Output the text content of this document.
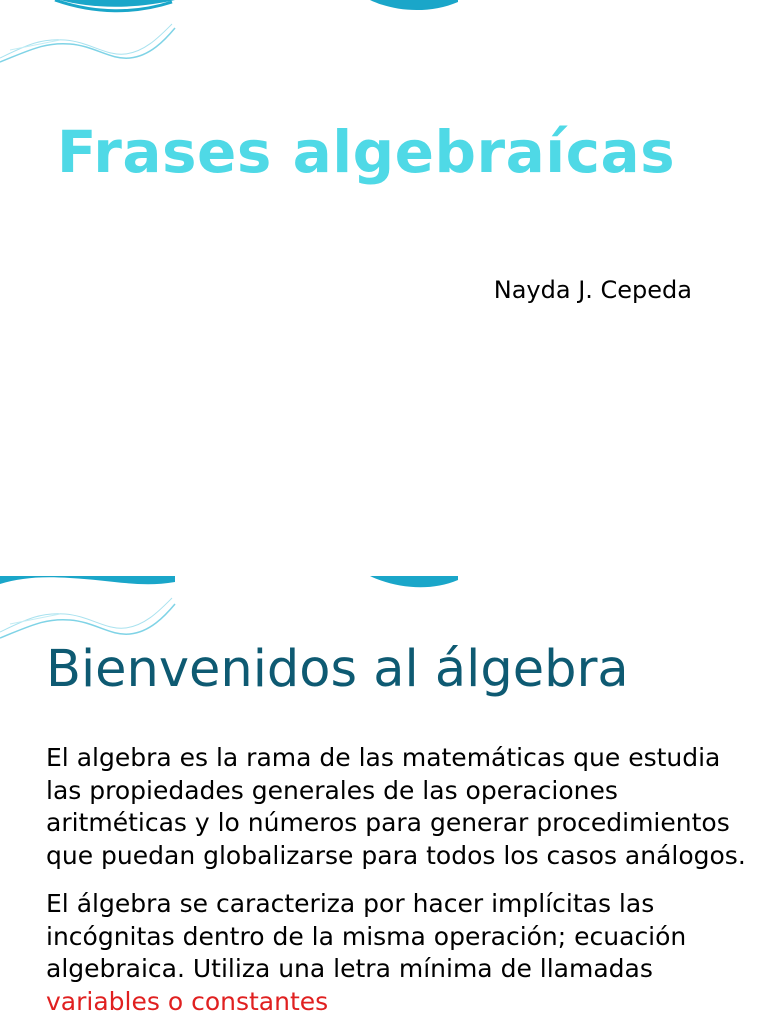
Frases algebraícas
Nayda J. Cepeda
Bienvenidos al álgebra

El algebra es la rama de las matemáticas que estudia las propiedades generales de las operaciones aritméticas y lo números para generar procedimientos que puedan globalizarse para todos los casos análogos.

El álgebra se caracteriza por hacer implícitas las incógnitas dentro de la misma operación; ecuación algebraica. Utiliza una letra mínima de llamadas variables o constantes
